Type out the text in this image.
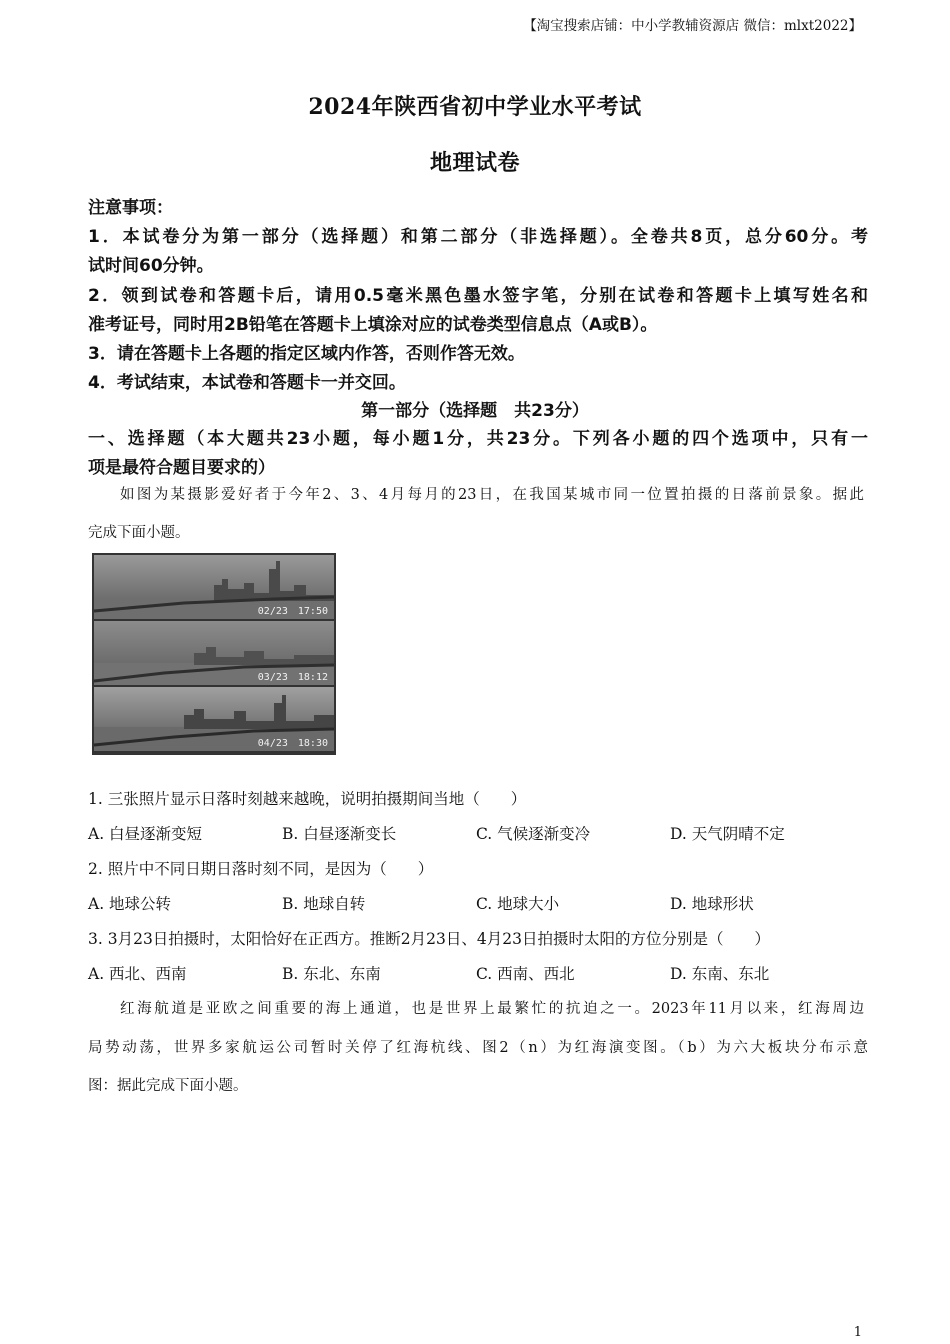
【淘宝搜索店铺：中小学教辅资源店 微信：mlxt2022】
2024年陕西省初中学业水平考试
地理试卷
注意事项：
1．本试卷分为第一部分（选择题）和第二部分（非选择题）。全卷共8页，总分60分。考
试时间60分钟。
2．领到试卷和答题卡后，请用0.5毫米黑色墨水签字笔，分别在试卷和答题卡上填写姓名和
准考证号，同时用2B铅笔在答题卡上填涂对应的试卷类型信息点（A或B）。
3．请在答题卡上各题的指定区域内作答，否则作答无效。
4．考试结束，本试卷和答题卡一并交回。
第一部分（选择题　共23分）
一、选择题（本大题共23小题，每小题1分，共23分。下列各小题的四个选项中，只有一
项是最符合题目要求的）
如图为某摄影爱好者于今年2、3、4月每月的23日，在我国某城市同一位置拍摄的日落前景象。据此
完成下面小题。
02/23　17:50
03/23　18:12
04/23　18:30
1. 三张照片显示日落时刻越来越晚，说明拍摄期间当地（　　）
A. 白昼逐渐变短	B. 白昼逐渐变长	C. 气候逐渐变冷	D. 天气阴晴不定
2. 照片中不同日期日落时刻不同，是因为（　　）
A. 地球公转	B. 地球自转	C. 地球大小	D. 地球形状
3. 3月23日拍摄时，太阳恰好在正西方。推断2月23日、4月23日拍摄时太阳的方位分别是（　　）
A. 西北、西南	B. 东北、东南	C. 西南、西北	D. 东南、东北
红海航道是亚欧之间重要的海上通道，也是世界上最繁忙的抗迫之一。2023年11月以来，红海周边
局势动荡，世界多家航运公司暂时关停了红海杭线、图2（n）为红海演变图。（b）为六大板块分布示意
图：据此完成下面小题。
1
